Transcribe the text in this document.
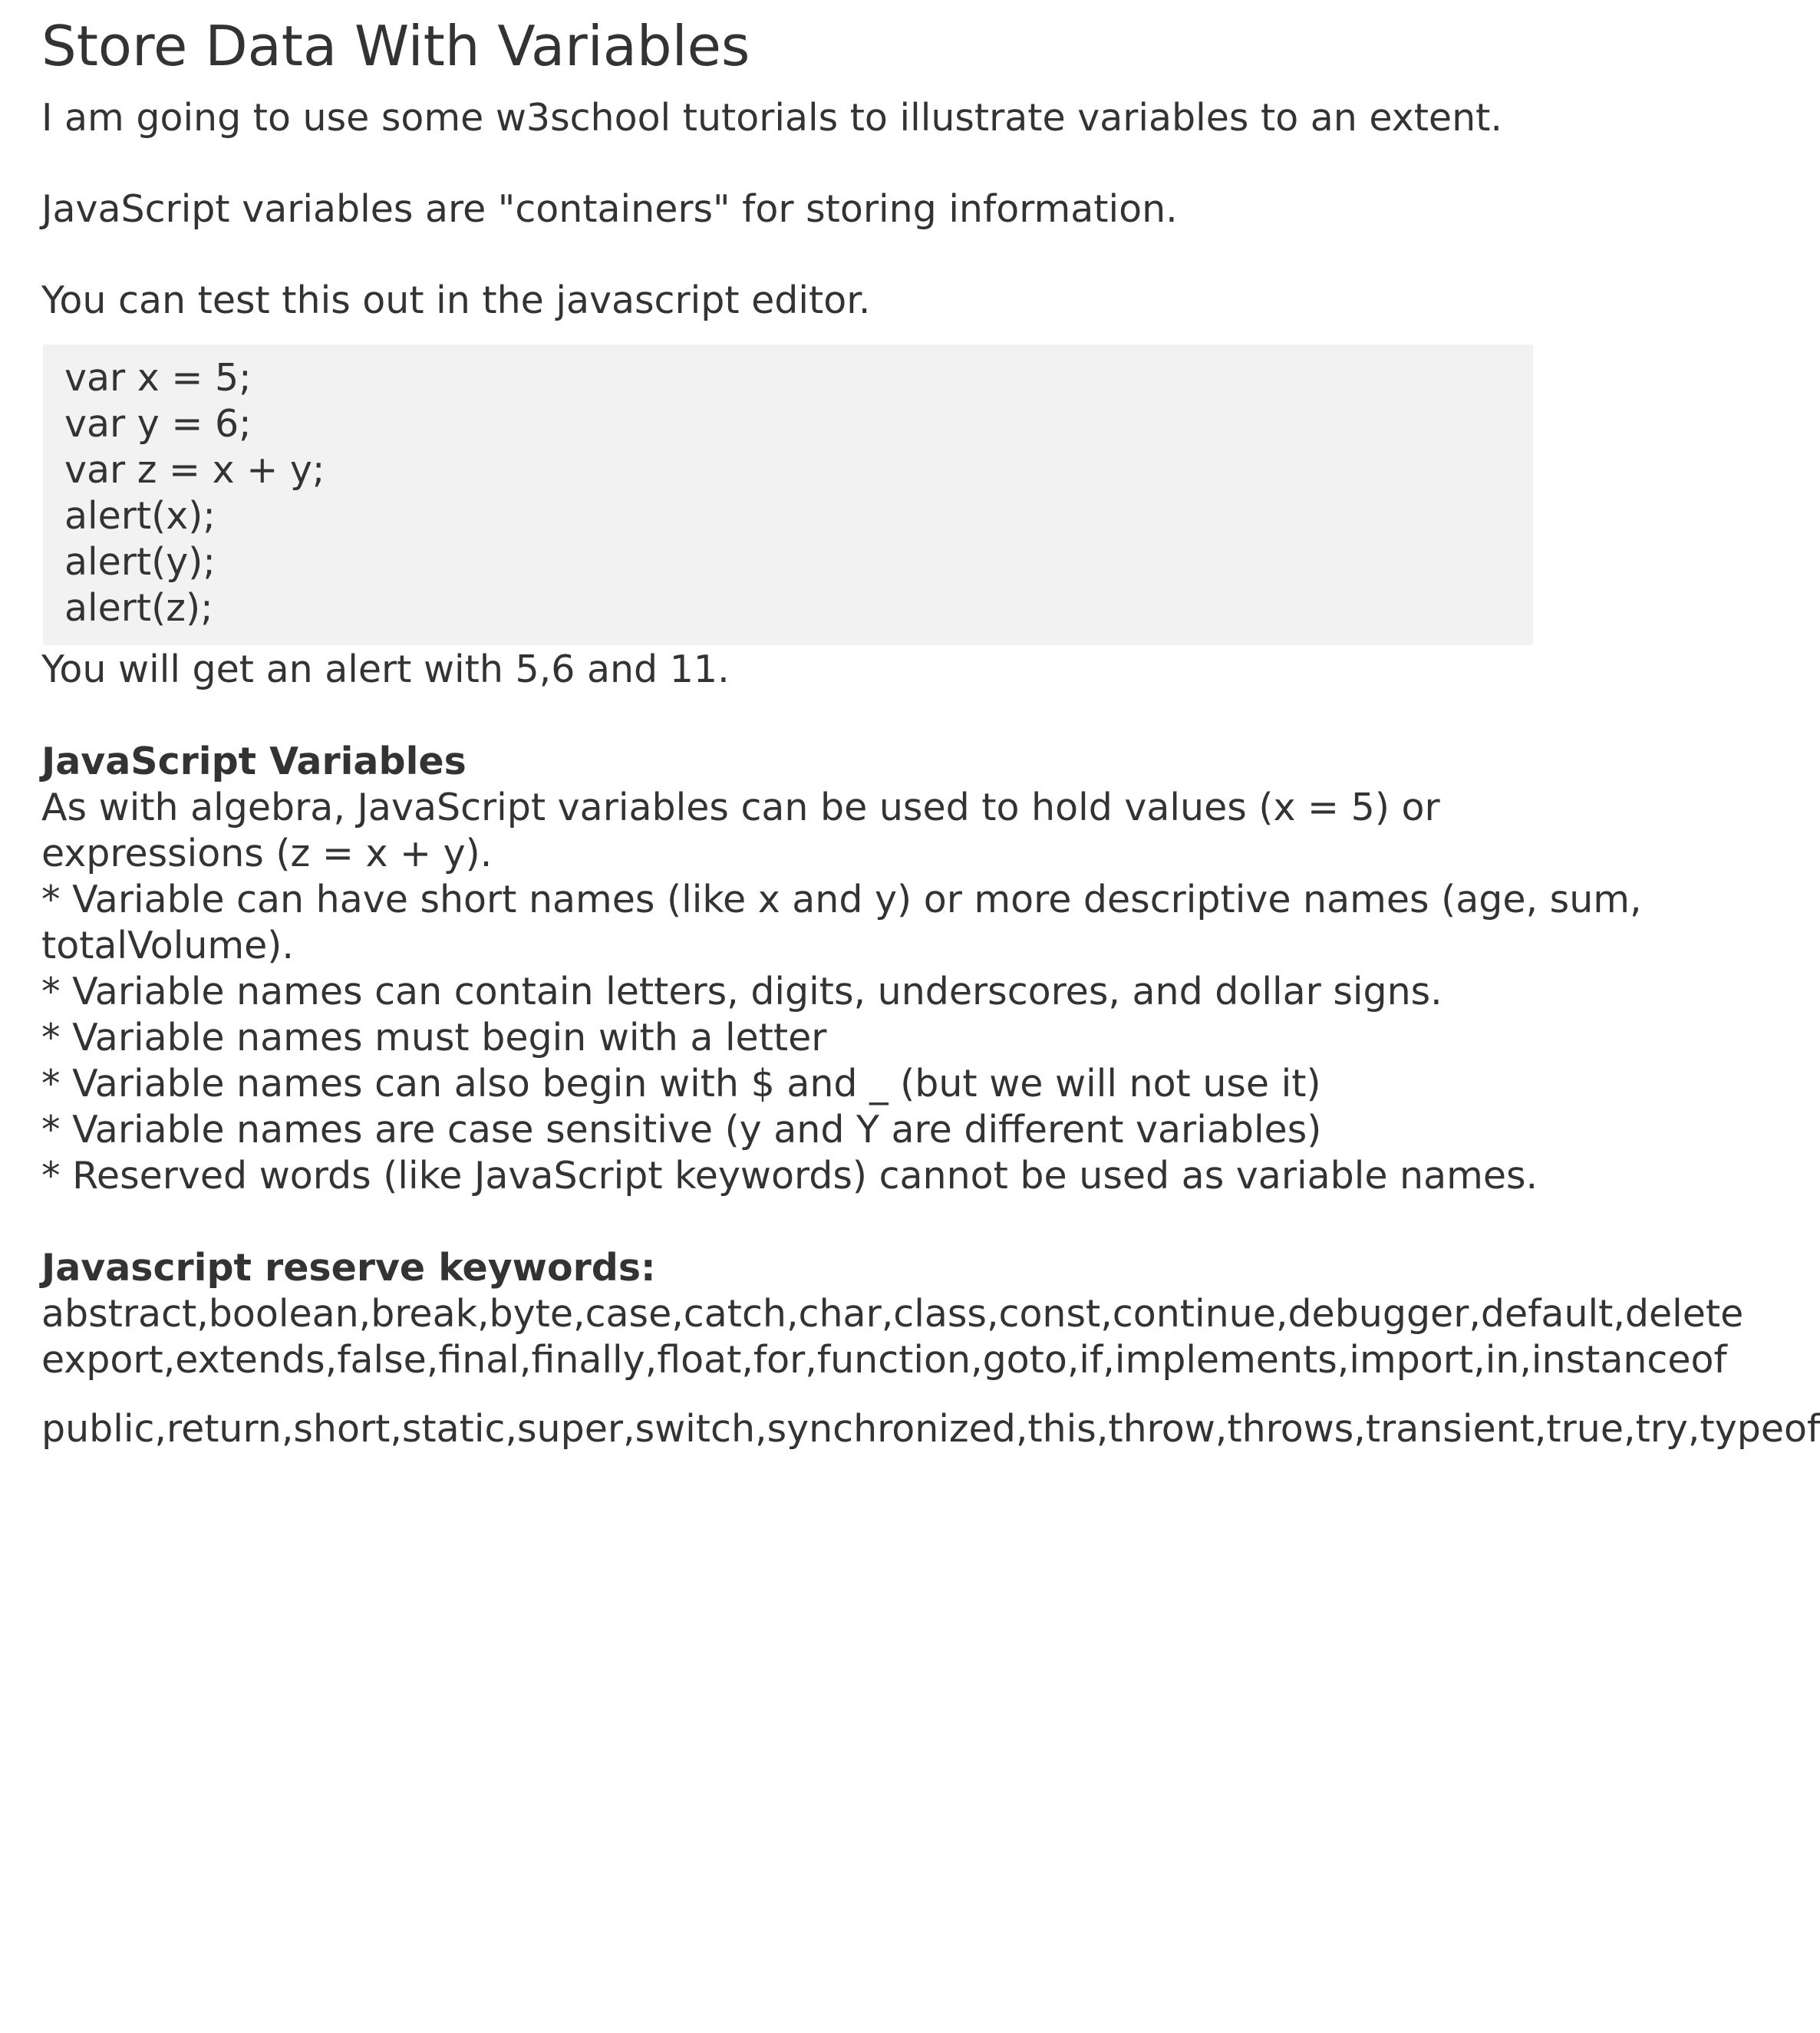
Store Data With Variables

I am going to use some w3school tutorials to illustrate variables to an extent.

JavaScript variables are "containers" for storing information.

You can test this out in the javascript editor.

var x = 5;

var y = 6;

var z = x + y;

alert(x);

alert(y);

alert(z);

You will get an alert with 5,6 and 11.

JavaScript Variables

As with algebra, JavaScript variables can be used to hold values (x = 5) or

expressions (z = x + y).

* Variable can have short names (like x and y) or more descriptive names (age, sum,

totalVolume).

* Variable names can contain letters, digits, underscores, and dollar signs.

* Variable names must begin with a letter

* Variable names can also begin with $ and _ (but we will not use it)

* Variable names are case sensitive (y and Y are different variables)

* Reserved words (like JavaScript keywords) cannot be used as variable names.

Javascript reserve keywords:

abstract,boolean,break,byte,case,catch,char,class,const,continue,debugger,default,delete

export,extends,false,final,finally,float,for,function,goto,if,implements,import,in,instanceof

public,return,short,static,super,switch,synchronized,this,throw,throws,transient,true,try,typeof
